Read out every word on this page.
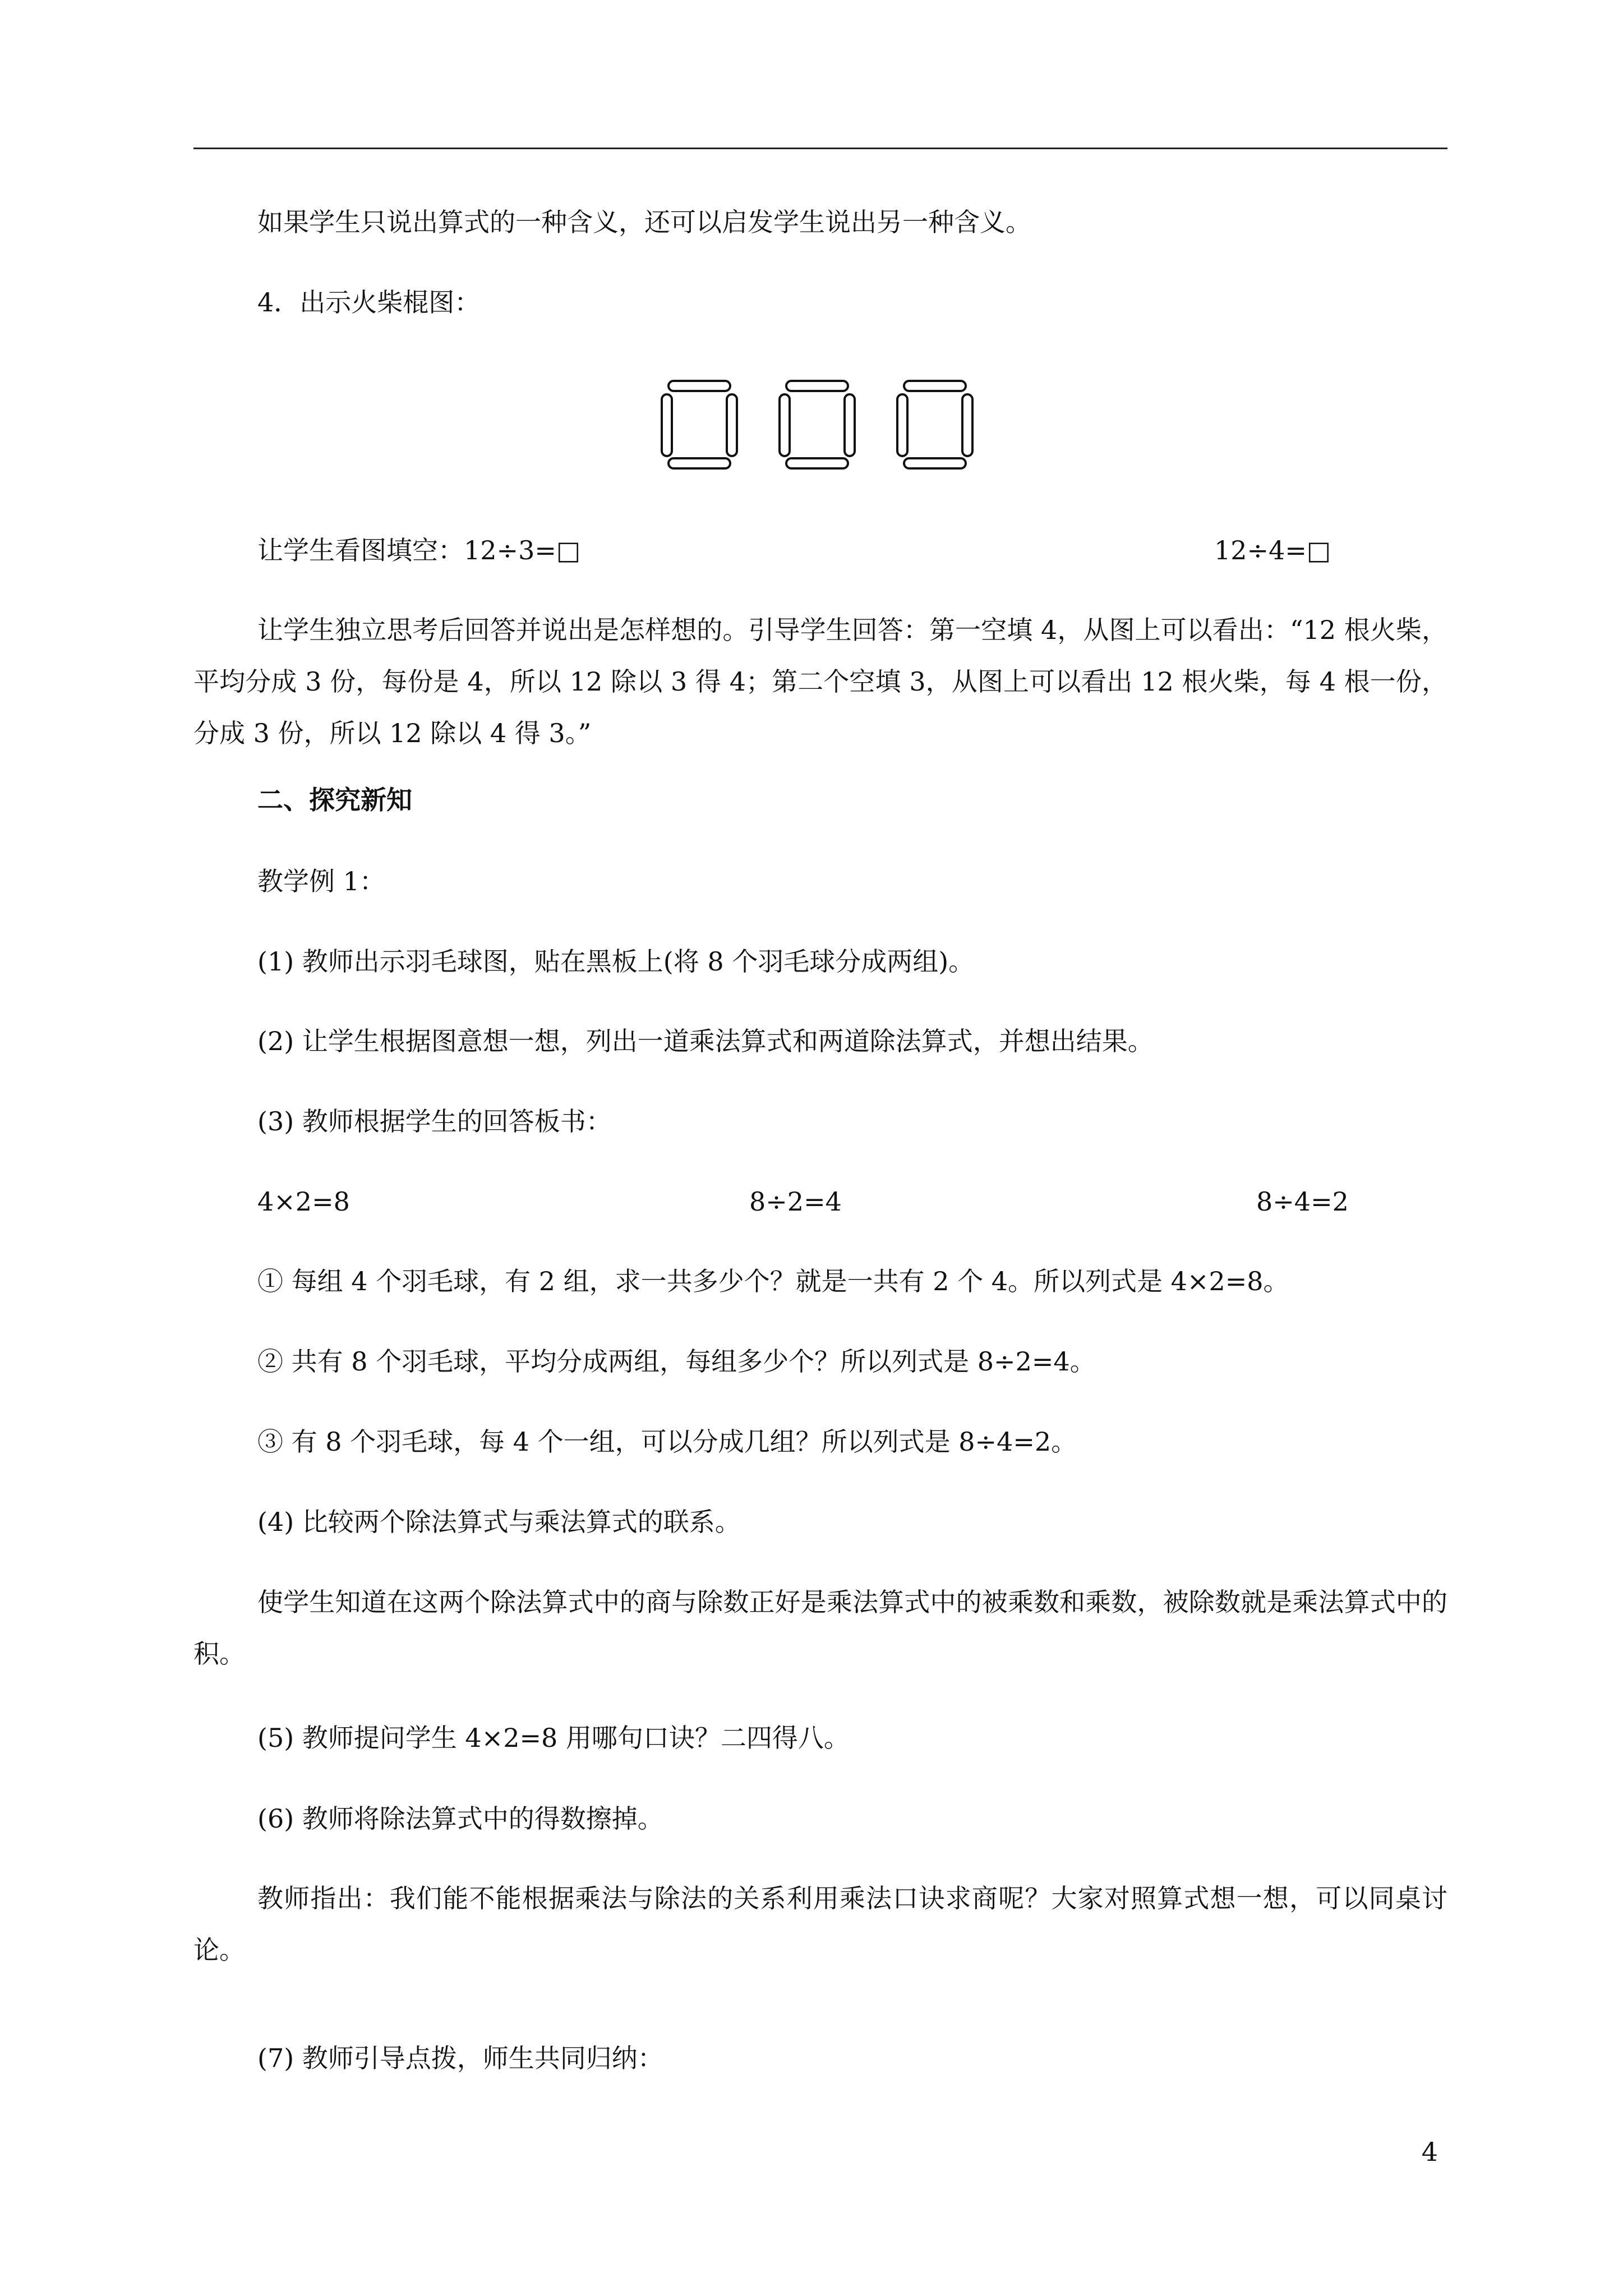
如果学生只说出算式的一种含义，还可以启发学生说出另一种含义。
4．出示火柴棍图：
让学生看图填空：12÷3=□	12÷4=□
让学生独立思考后回答并说出是怎样想的。引导学生回答：第一空填 4，从图上可以看出：“12 根火柴，平均分成 3 份，每份是 4，所以 12 除以 3 得 4；第二个空填 3，从图上可以看出 12 根火柴，每 4 根一份，分成 3 份，所以 12 除以 4 得 3。”
二、探究新知
教学例 1：
(1) 教师出示羽毛球图，贴在黑板上(将 8 个羽毛球分成两组)。
(2) 让学生根据图意想一想，列出一道乘法算式和两道除法算式，并想出结果。
(3) 教师根据学生的回答板书：
4×2=8	8÷2=4	8÷4=2
① 每组 4 个羽毛球，有 2 组，求一共多少个？就是一共有 2 个 4。所以列式是 4×2=8。
② 共有 8 个羽毛球，平均分成两组，每组多少个？所以列式是 8÷2=4。
③ 有 8 个羽毛球，每 4 个一组，可以分成几组？所以列式是 8÷4=2。
(4) 比较两个除法算式与乘法算式的联系。
使学生知道在这两个除法算式中的商与除数正好是乘法算式中的被乘数和乘数，被除数就是乘法算式中的积。
(5) 教师提问学生 4×2=8 用哪句口诀？二四得八。
(6) 教师将除法算式中的得数擦掉。
教师指出：我们能不能根据乘法与除法的关系利用乘法口诀求商呢？大家对照算式想一想，可以同桌讨论。
(7) 教师引导点拨，师生共同归纳：
4
